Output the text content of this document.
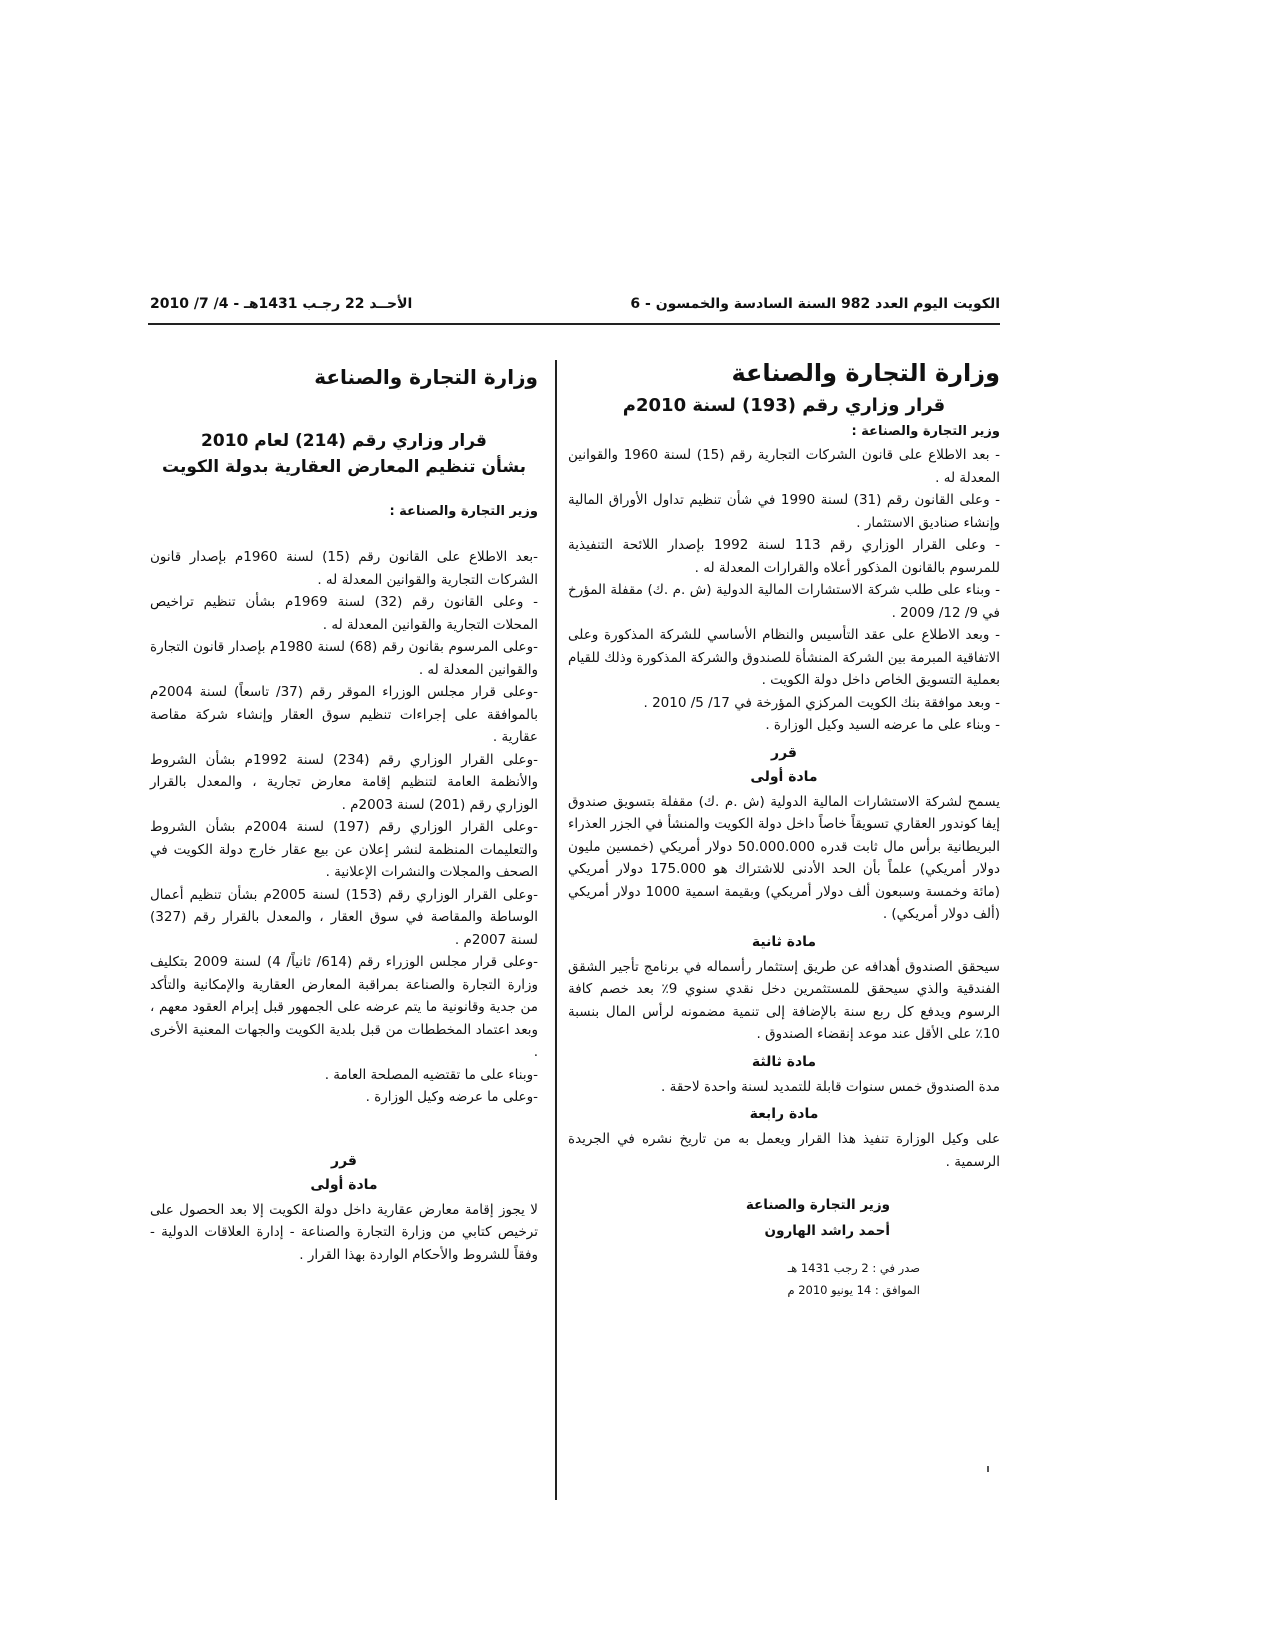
الكويت اليوم العدد 982 السنة السادسة والخمسون - 6
الأحــد 22 رجـب 1431هـ - 4/ 7/ 2010
وزارة التجارة والصناعة
قرار وزاري رقم (193) لسنة 2010م
وزير التجارة والصناعة :

- بعد الاطلاع على قانون الشركات التجارية رقم (15) لسنة 1960 والقوانين المعدلة له .

- وعلى القانون رقم (31) لسنة 1990 في شأن تنظيم تداول الأوراق المالية وإنشاء صناديق الاستثمار .

- وعلى القرار الوزاري رقم 113 لسنة 1992 بإصدار اللائحة التنفيذية للمرسوم بالقانون المذكور أعلاه والقرارات المعدلة له .

- وبناء على طلب شركة الاستشارات المالية الدولية (ش .م .ك) مقفلة المؤرخ في 9/ 12/ 2009 .

- وبعد الاطلاع على عقد التأسيس والنظام الأساسي للشركة المذكورة وعلى الاتفاقية المبرمة بين الشركة المنشأة للصندوق والشركة المذكورة وذلك للقيام بعملية التسويق الخاص داخل دولة الكويت .

- وبعد موافقة بنك الكويت المركزي المؤرخة في 17/ 5/ 2010 .

- وبناء على ما عرضه السيد وكيل الوزارة .

قرر
مادة أولى

يسمح لشركة الاستشارات المالية الدولية (ش .م .ك) مقفلة بتسويق صندوق إيفا كوندور العقاري تسويقاً خاصاً داخل دولة الكويت والمنشأ في الجزر العذراء البريطانية برأس مال ثابت قدره 50.000.000 دولار أمريكي (خمسين مليون دولار أمريكي) علماً بأن الحد الأدنى للاشتراك هو 175.000 دولار أمريكي (مائة وخمسة وسبعون ألف دولار أمريكي) وبقيمة اسمية 1000 دولار أمريكي (ألف دولار أمريكي) .

مادة ثانية

سيحقق الصندوق أهدافه عن طريق إستثمار رأسماله في برنامج تأجير الشقق الفندقية والذي سيحقق للمستثمرين دخل نقدي سنوي 9٪ بعد خصم كافة الرسوم ويدفع كل ربع سنة بالإضافة إلى تنمية مضمونه لرأس المال بنسبة 10٪ على الأقل عند موعد إنقضاء الصندوق .

مادة ثالثة

مدة الصندوق خمس سنوات قابلة للتمديد لسنة واحدة لاحقة .

مادة رابعة

على وكيل الوزارة تنفيذ هذا القرار ويعمل به من تاريخ نشره في الجريدة الرسمية .

وزير التجارة والصناعة
أحمد راشد الهارون

صدر في : 2 رجب 1431 هـ

الموافق : 14 يونيو 2010 م

وزارة التجارة والصناعة
قرار وزاري رقم (214) لعام 2010
بشأن تنظيم المعارض العقارية بدولة الكويت
وزير التجارة والصناعة :

-بعد الاطلاع على القانون رقم (15) لسنة 1960م بإصدار قانون الشركات التجارية والقوانين المعدلة له .

- وعلى القانون رقم (32) لسنة 1969م بشأن تنظيم تراخيص المحلات التجارية والقوانين المعدلة له .

-وعلى المرسوم بقانون رقم (68) لسنة 1980م بإصدار قانون التجارة والقوانين المعدلة له .

-وعلى قرار مجلس الوزراء الموقر رقم (37/ تاسعاً) لسنة 2004م بالموافقة على إجراءات تنظيم سوق العقار وإنشاء شركة مقاصة عقارية .

-وعلى القرار الوزاري رقم (234) لسنة 1992م بشأن الشروط والأنظمة العامة لتنظيم إقامة معارض تجارية ، والمعدل بالقرار الوزاري رقم (201) لسنة 2003م .

-وعلى القرار الوزاري رقم (197) لسنة 2004م بشأن الشروط والتعليمات المنظمة لنشر إعلان عن بيع عقار خارج دولة الكويت في الصحف والمجلات والنشرات الإعلانية .

-وعلى القرار الوزاري رقم (153) لسنة 2005م بشأن تنظيم أعمال الوساطة والمقاصة في سوق العقار ، والمعدل بالقرار رقم (327) لسنة 2007م .

-وعلى قرار مجلس الوزراء رقم (614/ ثانياً/ 4) لسنة 2009 بتكليف وزارة التجارة والصناعة بمراقبة المعارض العقارية والإمكانية والتأكد من جدية وقانونية ما يتم عرضه على الجمهور قبل إبرام العقود معهم ، وبعد اعتماد المخططات من قبل بلدية الكويت والجهات المعنية الأخرى .

-وبناء على ما تقتضيه المصلحة العامة .

-وعلى ما عرضه وكيل الوزارة .

قرر
مادة أولى

لا يجوز إقامة معارض عقارية داخل دولة الكويت إلا بعد الحصول على ترخيص كتابي من وزارة التجارة والصناعة - إدارة العلاقات الدولية - وفقاً للشروط والأحكام الواردة بهذا القرار .
